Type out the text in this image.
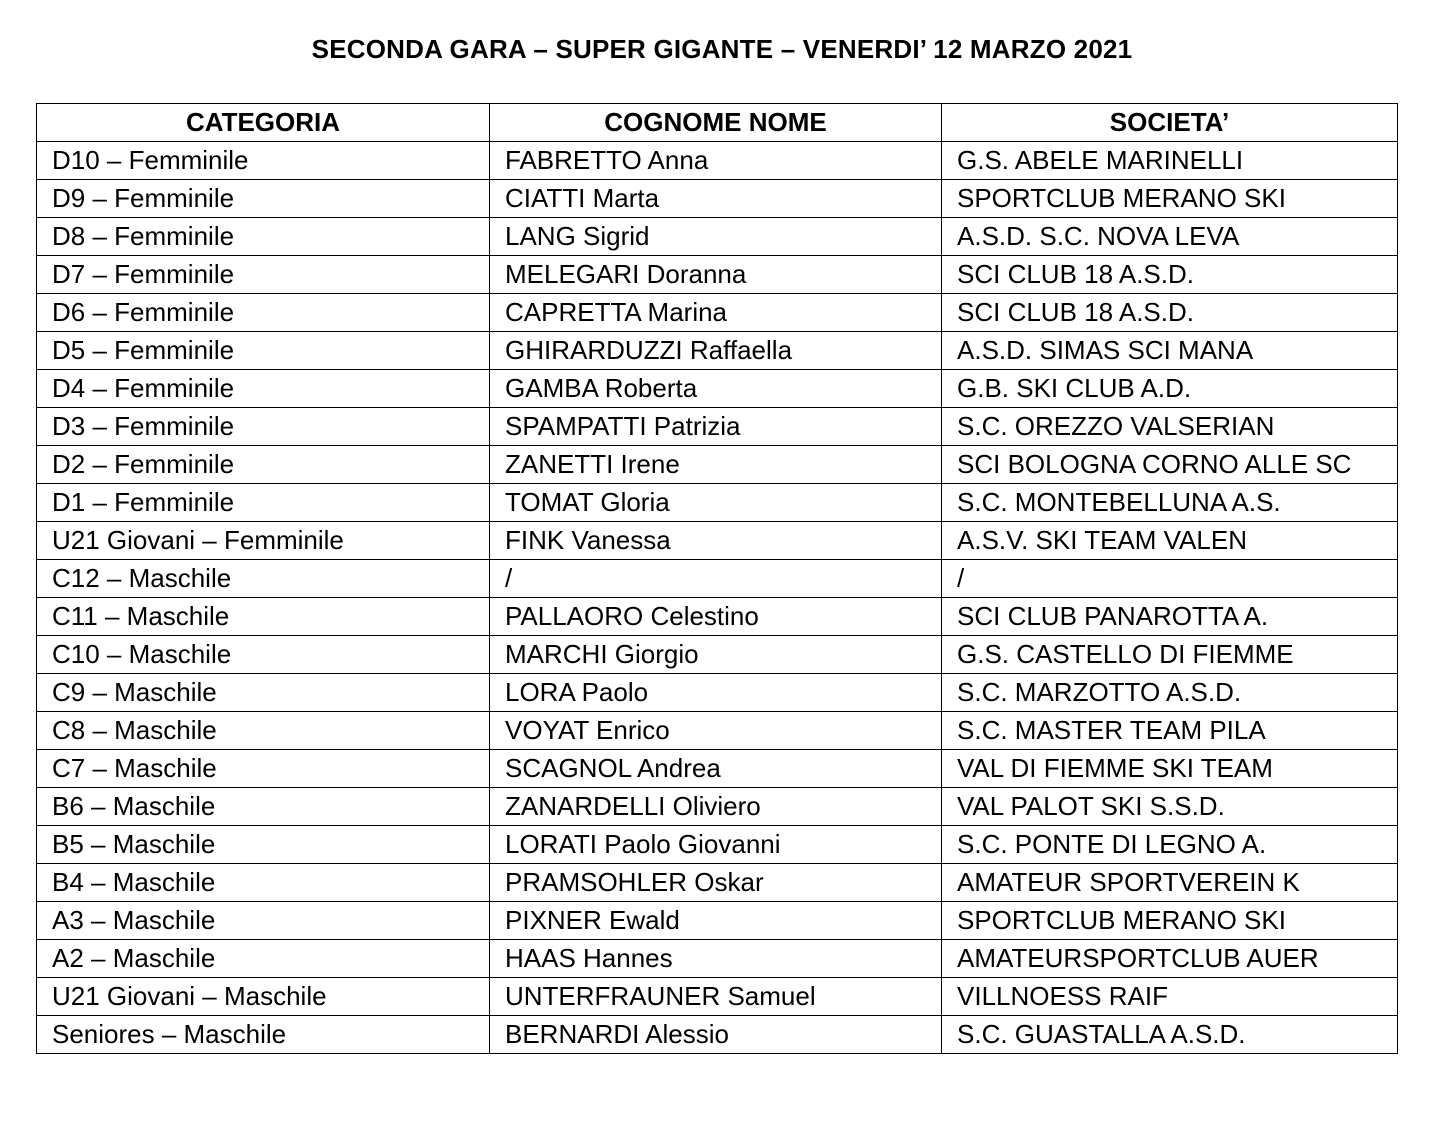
SECONDA GARA – SUPER GIGANTE – VENERDI’ 12 MARZO 2021
CATEGORIA	COGNOME NOME	SOCIETA’
D10 – Femminile	FABRETTO Anna	G.S. ABELE MARINELLI
D9 – Femminile	CIATTI Marta	SPORTCLUB MERANO SKI
D8 – Femminile	LANG Sigrid	A.S.D. S.C. NOVA LEVA
D7 – Femminile	MELEGARI Doranna	SCI CLUB 18 A.S.D.
D6 – Femminile	CAPRETTA Marina	SCI CLUB 18 A.S.D.
D5 – Femminile	GHIRARDUZZI Raffaella	A.S.D. SIMAS SCI MANA
D4 – Femminile	GAMBA Roberta	G.B. SKI CLUB A.D.
D3 – Femminile	SPAMPATTI Patrizia	S.C. OREZZO VALSERIAN
D2 – Femminile	ZANETTI Irene	SCI BOLOGNA CORNO ALLE SC
D1 – Femminile	TOMAT Gloria	S.C. MONTEBELLUNA A.S.
U21 Giovani – Femminile	FINK Vanessa	A.S.V. SKI TEAM VALEN
C12 – Maschile	/	/
C11 – Maschile	PALLAORO Celestino	SCI CLUB PANAROTTA A.
C10 – Maschile	MARCHI Giorgio	G.S. CASTELLO DI FIEMME
C9 – Maschile	LORA Paolo	S.C. MARZOTTO A.S.D.
C8 – Maschile	VOYAT Enrico	S.C. MASTER TEAM PILA
C7 – Maschile	SCAGNOL Andrea	VAL DI FIEMME SKI TEAM
B6 – Maschile	ZANARDELLI Oliviero	VAL PALOT SKI S.S.D.
B5 – Maschile	LORATI Paolo Giovanni	S.C. PONTE DI LEGNO A.
B4 – Maschile	PRAMSOHLER Oskar	AMATEUR SPORTVEREIN K
A3 – Maschile	PIXNER Ewald	SPORTCLUB MERANO SKI
A2 – Maschile	HAAS Hannes	AMATEURSPORTCLUB AUER
U21 Giovani – Maschile	UNTERFRAUNER Samuel	VILLNOESS RAIF
Seniores – Maschile	BERNARDI Alessio	S.C. GUASTALLA A.S.D.
